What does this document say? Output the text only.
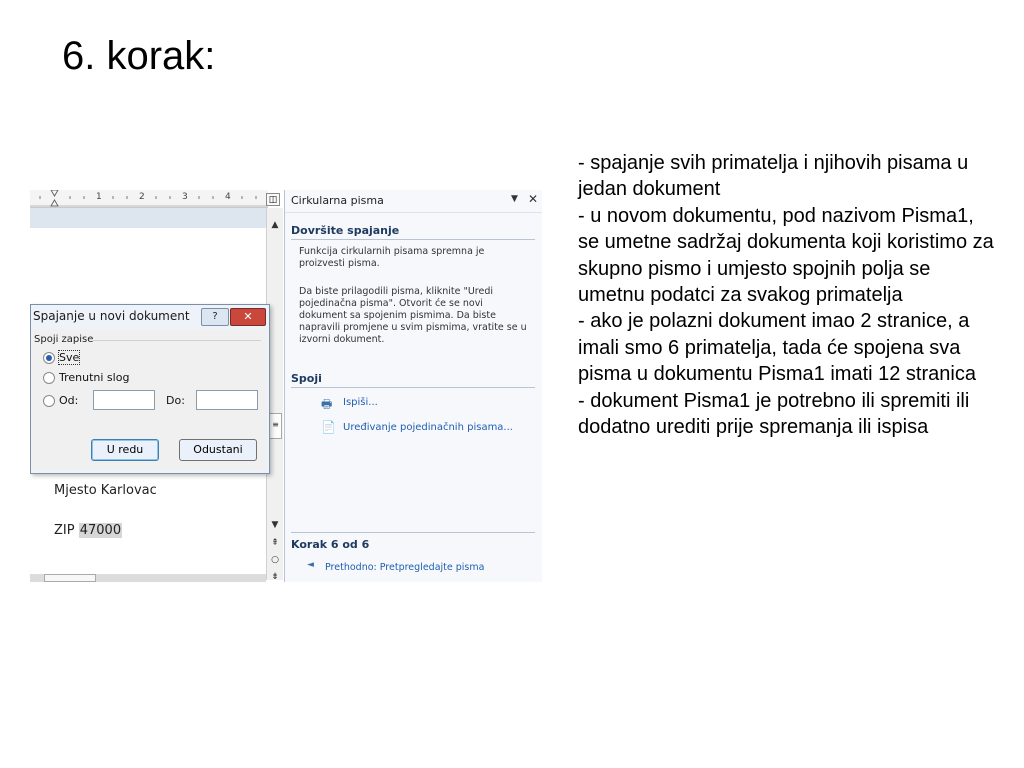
6. korak:
1	2	3	4	◫
Mjesto Karlovac
ZIP 47000
▲
≡
▼
⇞
○
⇟
Spajanje u novi dokument	?	✕
Spoji zapise
Sve
Trenutni slog
Od:	Do:
U redu	Odustani
Cirkularna pisma	▼ ✕
Dovršite spajanje
Funkcija cirkularnih pisama spremna je proizvesti pisma.
Da biste prilagodili pisma, kliknite "Uredi pojedinačna pisma". Otvorit će se novi dokument sa spojenim pismima. Da biste napravili promjene u svim pismima, vratite se u izvorni dokument.
Spoji
🖶 Ispiši...
📄 Uređivanje pojedinačnih pisama...
Korak 6 od 6
◄ Prethodno: Pretpregledajte pisma

- spajanje svih primatelja i njihovih pisama u jedan dokument

- u novom dokumentu, pod nazivom Pisma1, se umetne sadržaj dokumenta koji koristimo za skupno pismo i umjesto spojnih polja se umetnu podatci za svakog primatelja

- ako je polazni dokument imao 2 stranice, a imali smo 6 primatelja, tada će spojena sva pisma u dokumentu Pisma1 imati 12 stranica

- dokument Pisma1 je potrebno ili spremiti ili dodatno urediti prije spremanja ili ispisa
